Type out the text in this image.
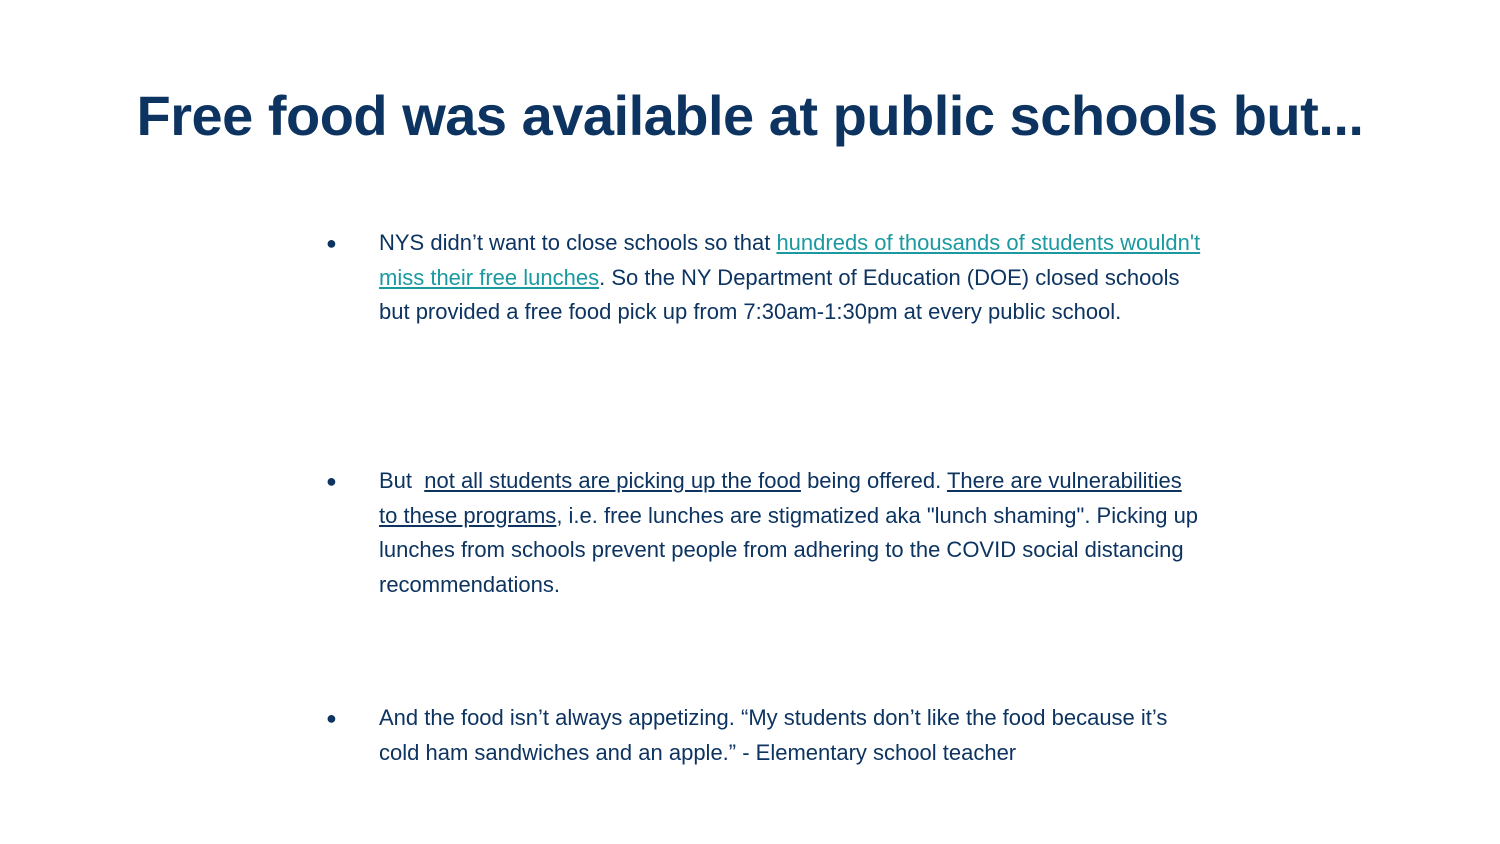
Free food was available at public schools but...
● NYS didn’t want to close schools so that hundreds of thousands of students wouldn't miss their free lunches. So the NY Department of Education (DOE) closed schools but provided a free food pick up from 7:30am-1:30pm at every public school.
● But  not all students are picking up the food being offered. There are vulnerabilities to these programs, i.e. free lunches are stigmatized aka "lunch shaming". Picking up lunches from schools prevent people from adhering to the COVID social distancing recommendations.
● And the food isn’t always appetizing. “My students don’t like the food because it’s cold ham sandwiches and an apple.” - Elementary school teacher
